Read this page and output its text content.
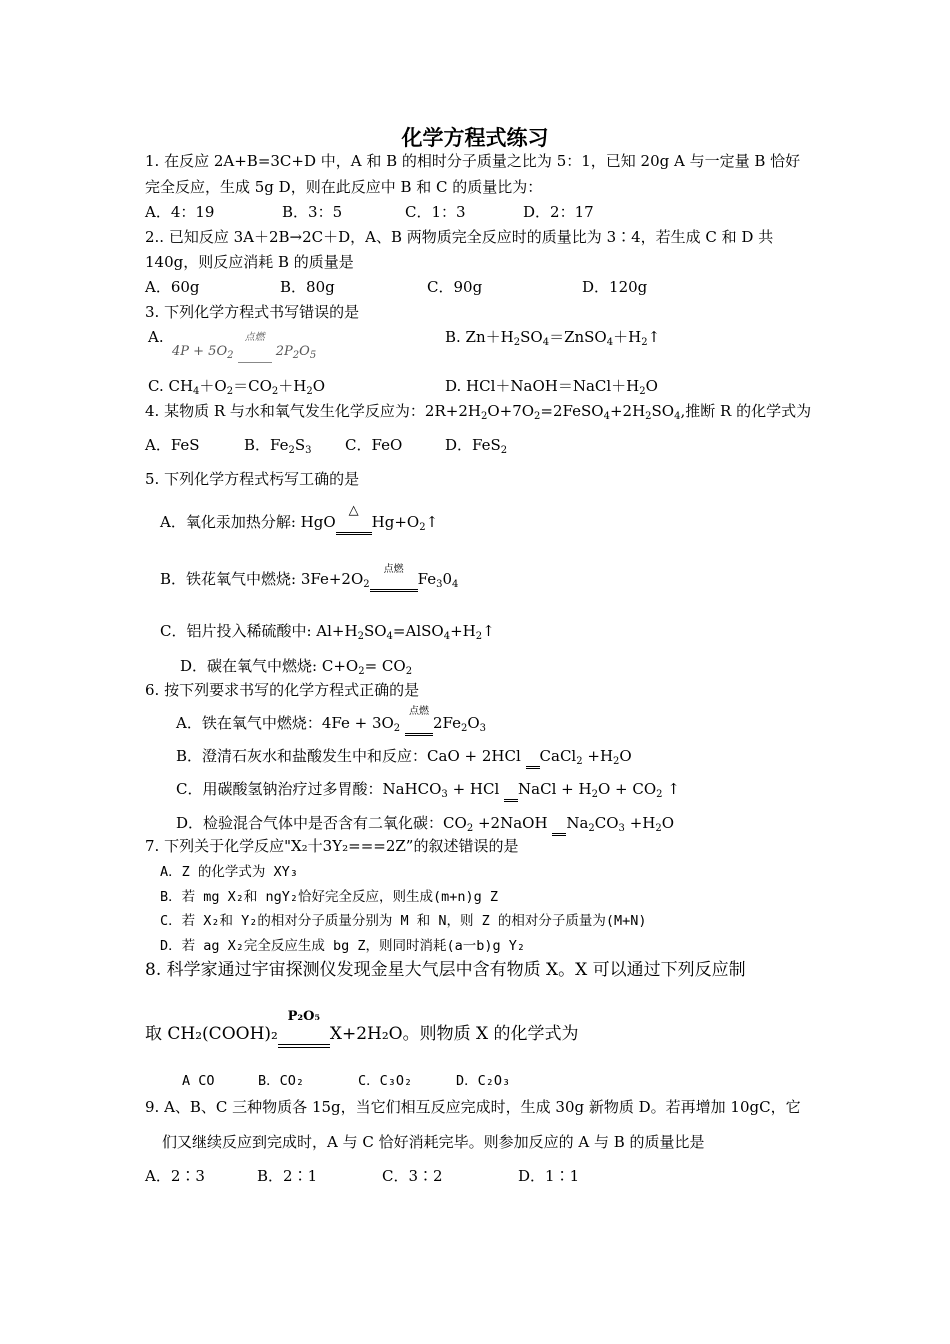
化学方程式练习
1. 在反应 2A+B=3C+D 中，A 和 B 的相时分子质量之比为 5：1，已知 20g A 与一定量 B 恰好
完全反应，生成 5g D，则在此反应中 B 和 C 的质量比为：
A．4：19	B．3：5	C．1：3	D．2：17
2.. 已知反应 3A＋2B→2C＋D，A、B 两物质完全反应时的质量比为 3∶4，若生成 C 和 D 共
140g，则反应消耗 B 的质量是
A．60g	B．80g	C．90g	D．120g
3. 下列化学方程式书写错误的是
A.
$4P + 5O_2$
点燃
$2P_2O_5$
B. $Zn+H_2SO_4=ZnSO_4+H_2↑$
C. $CH_4+O_2=CO_2+H_2O$	D. $HCl+NaOH=NaCl+H_2O$
4. 某物质 R 与水和氧气发生化学反应为：$2R+2H_2O+7O_2=2FeSO_4+2H_2SO_4$,推断 R 的化学式为
A．FeS	B．$Fe_2S_3$ C．FeO	D．FeS$_2$
5. 下列化学方程式杇写工确的是
A．氧化汞加热分解: HgO
△
$Hg+O_2↑$
B．铁花氧气中燃烧: $3Fe+2O_2$
点燃
$Fe_30_4$
C．铝片投入稀硫酸中: $Al+H_2SO_4=AlSO_4+H_2↑$
D．碳在氧气中燃烧: $C+O_2= CO_2$
6. 按下列要求书写的化学方程式正确的是
A．铁在氧气中燃烧：$4Fe + 3O_2$
点燃
$2Fe_2O_3$
B．澄清石灰水和盐酸发生中和反应：CaO + 2HCl CaCl$_2$ $+H_2O$
C．用碳酸氢钠治疗过多胃酸：NaHCO$_3$ + HCl NaCl + $H_2O + CO_2$ ↑
D．检验混合气体中是否含有二氧化碳：$CO_2$ +2NaOH $Na_2CO_3 +H_2O$
7. 下列关于化学反应"X₂十3Y₂===2Z”的叙述错误的是
A．Z 的化学式为 XY₃
B．若 mg X₂和 ngY₂恰好完全反应，则生成(m+n)g Z
C．若 X₂和 Y₂的相对分子质量分别为 M 和 N，则 Z 的相对分子质量为(M+N)
D．若 ag X₂完全反应生成 bg Z，则同时消耗(a一b)g Y₂
8. 科学家通过宇宙探测仪发现金星大气层中含有物质 X。X 可以通过下列反应制
取 CH₂(COOH)₂
P₂O₅
X+2H₂O。则物质 X 的化学式为
A CO	B．CO₂	C．C₃O₂	D．C₂O₃
9. A、B、C 三种物质各 15g，当它们相互反应完成时，生成 30g 新物质 D。若再增加 10gC，它
们又继续反应到完成时，A 与 C 恰好消耗完毕。则参加反应的 A 与 B 的质量比是
A．2∶3	B．2∶1	C．3∶2	D．1∶1
